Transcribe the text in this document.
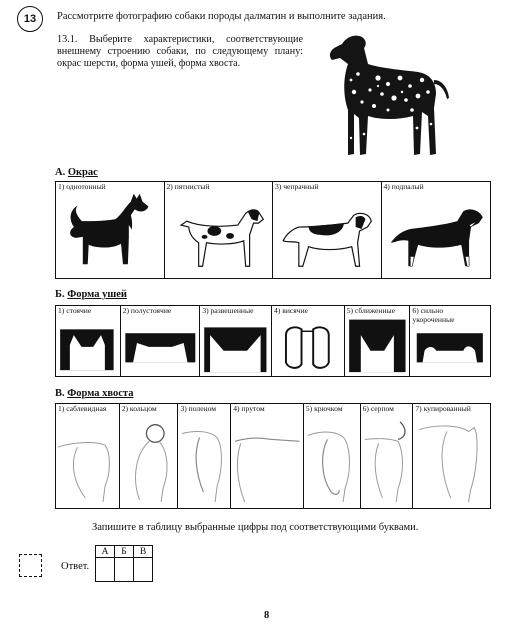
13 Рассмотрите фотографию собаки породы далматин и выполните задания.
13.1. Выберите характеристики, соответствующие внешнему строению собаки, по следующему плану: окрас шерсти, форма ушей, форма хвоста.
А. Окрас
1) однотонный	2) пятнистый	3) чепрачный	4) подпалый
Б. Форма ушей
1) стоячие	2) полустоячие	3) развешенные	4) висячие	5) сближенные 6) сильно
укороченные
В. Форма хвоста
1) саблевидная 2) кольцом	3) поленом 4) прутом	5) крючком	6) серпом	7) купированный
Запишите в таблицу выбранные цифры под соответствующими буквами.
Ответ.
А	Б	В

8
